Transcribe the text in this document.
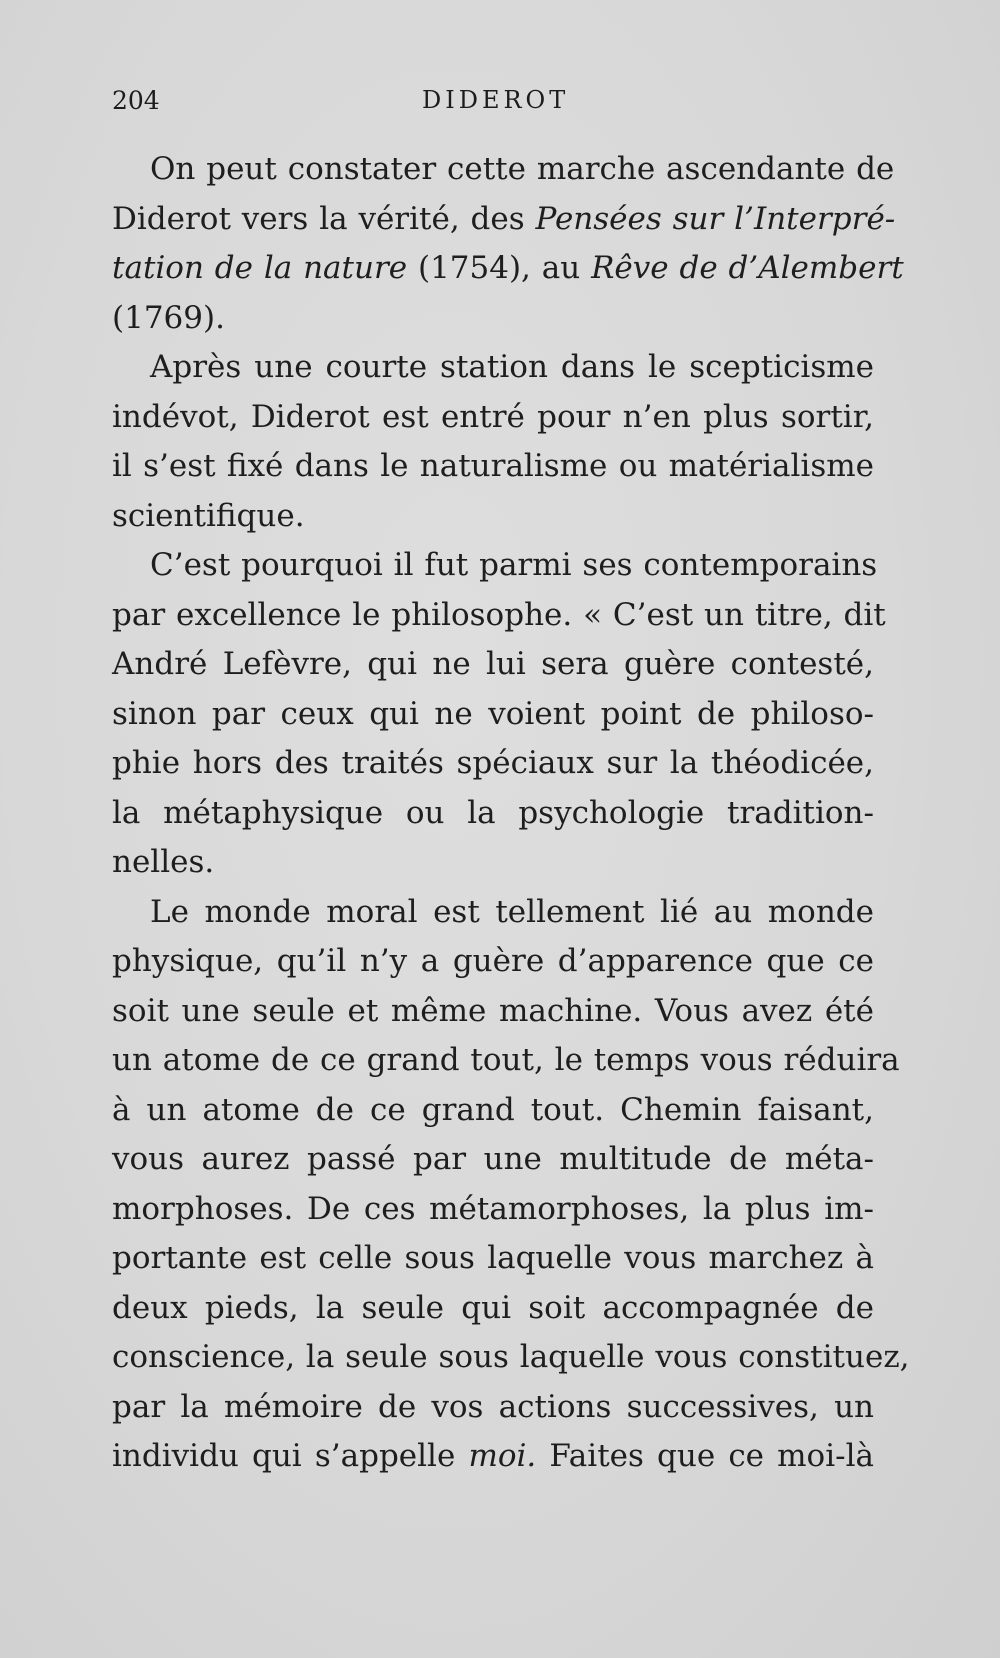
204	DIDEROT
On peut constater cette marche ascendante de
Diderot vers la vérité, des Pensées sur l’Interpré-
tation de la nature (1754), au Rêve de d’Alembert
(1769).
Après une courte station dans le scepticisme
indévot, Diderot est entré pour n’en plus sortir,
il s’est fixé dans le naturalisme ou matérialisme
scientifique.
C’est pourquoi il fut parmi ses contemporains
par excellence le philosophe. « C’est un titre, dit
André Lefèvre, qui ne lui sera guère contesté,
sinon par ceux qui ne voient point de philoso-
phie hors des traités spéciaux sur la théodicée,
la métaphysique ou la psychologie tradition-
nelles.
Le monde moral est tellement lié au monde
physique, qu’il n’y a guère d’apparence que ce
soit une seule et même machine. Vous avez été
un atome de ce grand tout, le temps vous réduira
à un atome de ce grand tout. Chemin faisant,
vous aurez passé par une multitude de méta-
morphoses. De ces métamorphoses, la plus im-
portante est celle sous laquelle vous marchez à
deux pieds, la seule qui soit accompagnée de
conscience, la seule sous laquelle vous constituez,
par la mémoire de vos actions successives, un
individu qui s’appelle moi. Faites que ce moi-là
